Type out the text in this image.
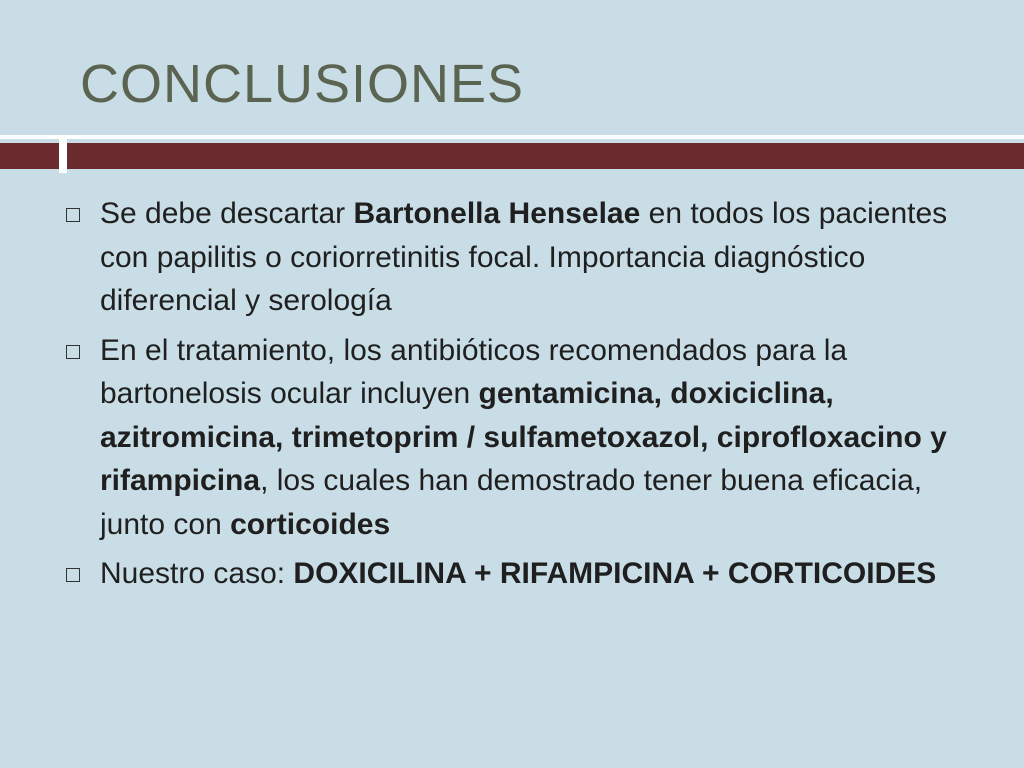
CONCLUSIONES
Se debe descartar Bartonella Henselae en todos los pacientes con papilitis o coriorretinitis focal. Importancia diagnóstico diferencial y serología
En el tratamiento, los antibióticos recomendados para la bartonelosis ocular incluyen gentamicina, doxiciclina, azitromicina, trimetoprim / sulfametoxazol, ciprofloxacino y rifampicina, los cuales han demostrado tener buena eficacia, junto con corticoides
Nuestro caso: DOXICILINA + RIFAMPICINA + CORTICOIDES
